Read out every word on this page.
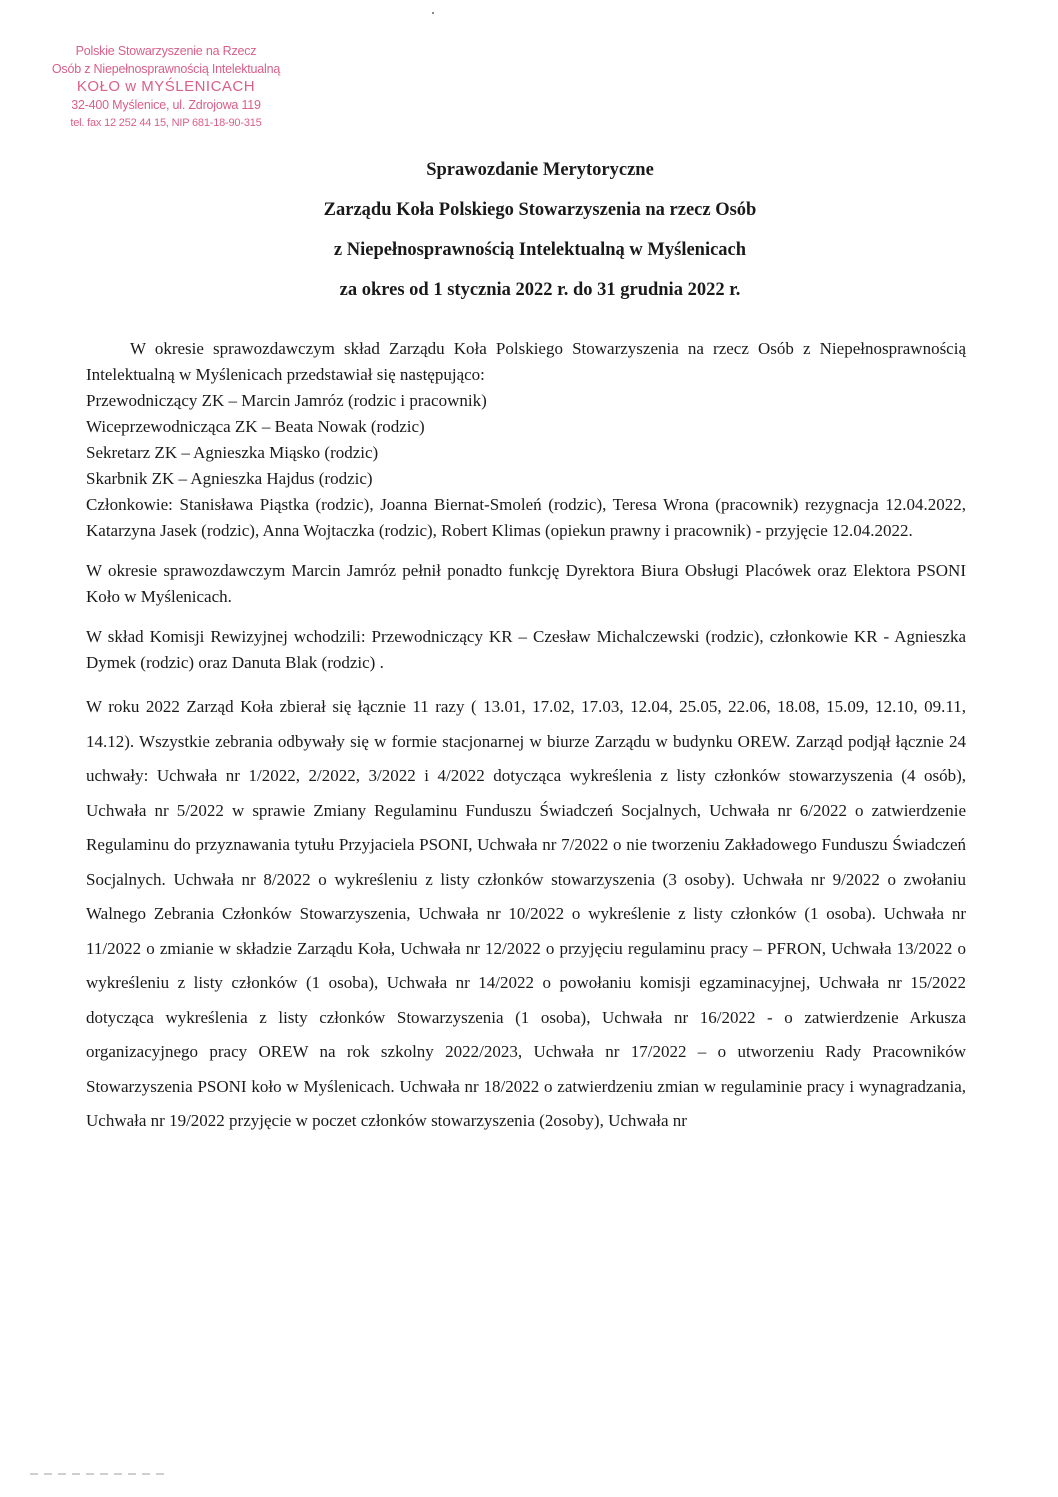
Polskie Stowarzyszenie na Rzecz
Osób z Niepełnosprawnością Intelektualną
KOŁO w MYŚLENICACH
32-400 Myślenice, ul. Zdrojowa 119
tel. fax 12 252 44 15, NIP 681-18-90-315
Sprawozdanie Merytoryczne
Zarządu Koła Polskiego Stowarzyszenia na rzecz Osób
z Niepełnosprawnością Intelektualną w Myślenicach
za okres od 1 stycznia 2022 r. do 31 grudnia 2022 r.

W okresie sprawozdawczym skład Zarządu Koła Polskiego Stowarzyszenia na rzecz Osób z Niepełnosprawnością Intelektualną w Myślenicach przedstawiał się następująco:

Przewodniczący ZK – Marcin Jamróz (rodzic i pracownik)

Wiceprzewodnicząca ZK – Beata Nowak (rodzic)

Sekretarz ZK – Agnieszka Miąsko (rodzic)

Skarbnik ZK – Agnieszka Hajdus (rodzic)

Członkowie: Stanisława Piąstka (rodzic), Joanna Biernat-Smoleń (rodzic), Teresa Wrona (pracownik) rezygnacja 12.04.2022, Katarzyna Jasek (rodzic), Anna Wojtaczka (rodzic), Robert Klimas (opiekun prawny i pracownik) - przyjęcie 12.04.2022.

W okresie sprawozdawczym Marcin Jamróz pełnił ponadto funkcję Dyrektora Biura Obsługi Placówek oraz Elektora PSONI Koło w Myślenicach.

W skład Komisji Rewizyjnej wchodzili: Przewodniczący KR – Czesław Michalczewski (rodzic), członkowie KR - Agnieszka Dymek (rodzic) oraz Danuta Blak (rodzic) .

W roku 2022 Zarząd Koła zbierał się łącznie 11 razy ( 13.01, 17.02, 17.03, 12.04, 25.05, 22.06, 18.08, 15.09, 12.10, 09.11, 14.12). Wszystkie zebrania odbywały się w formie stacjonarnej w biurze Zarządu w budynku OREW. Zarząd podjął łącznie 24 uchwały: Uchwała nr 1/2022, 2/2022, 3/2022 i 4/2022 dotycząca wykreślenia z listy członków stowarzyszenia (4 osób), Uchwała nr 5/2022 w sprawie Zmiany Regulaminu Funduszu Świadczeń Socjalnych, Uchwała nr 6/2022 o zatwierdzenie Regulaminu do przyznawania tytułu Przyjaciela PSONI, Uchwała nr 7/2022 o nie tworzeniu Zakładowego Funduszu Świadczeń Socjalnych. Uchwała nr 8/2022 o wykreśleniu z listy członków stowarzyszenia (3 osoby). Uchwała nr 9/2022 o zwołaniu Walnego Zebrania Członków Stowarzyszenia, Uchwała nr 10/2022 o wykreślenie z listy członków (1 osoba). Uchwała nr 11/2022 o zmianie w składzie Zarządu Koła, Uchwała nr 12/2022 o przyjęciu regulaminu pracy – PFRON, Uchwała 13/2022 o wykreśleniu z listy członków (1 osoba), Uchwała nr 14/2022 o powołaniu komisji egzaminacyjnej, Uchwała nr 15/2022 dotycząca wykreślenia z listy członków Stowarzyszenia (1 osoba), Uchwała nr 16/2022 - o zatwierdzenie Arkusza organizacyjnego pracy OREW na rok szkolny 2022/2023, Uchwała nr 17/2022 – o utworzeniu Rady Pracowników Stowarzyszenia PSONI koło w Myślenicach. Uchwała nr 18/2022 o zatwierdzeniu zmian w regulaminie pracy i wynagradzania, Uchwała nr 19/2022 przyjęcie w poczet członków stowarzyszenia (2osoby), Uchwała nr
